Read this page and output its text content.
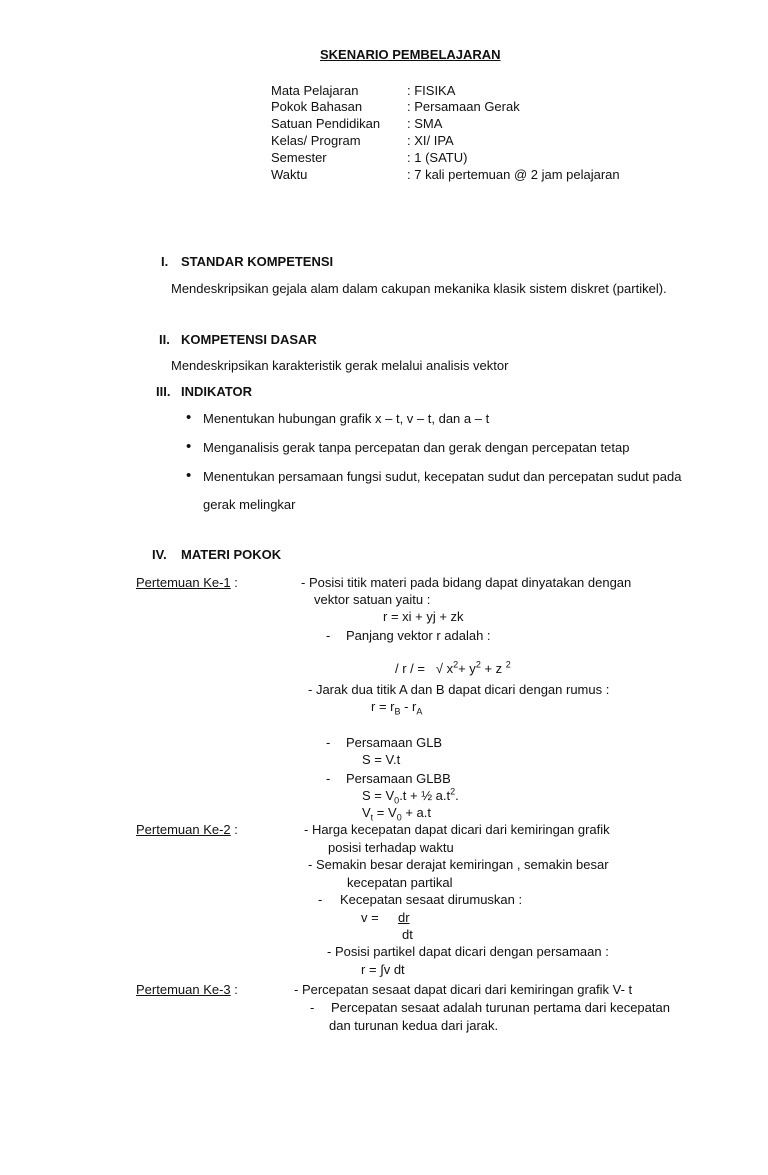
SKENARIO PEMBELAJARAN
Mata Pelajaran	: FISIKA
Pokok Bahasan	: Persamaan Gerak
Satuan Pendidikan : SMA
Kelas/ Program	: XI/ IPA
Semester	: 1 (SATU)
Waktu	: 7 kali pertemuan @ 2 jam pelajaran
I. STANDAR KOMPETENSI
Mendeskripsikan gejala alam dalam cakupan mekanika klasik sistem diskret (partikel).
II. KOMPETENSI DASAR
Mendeskripsikan karakteristik gerak melalui analisis vektor
III. INDIKATOR
• Menentukan hubungan grafik x – t, v – t, dan a – t
• Menganalisis gerak tanpa percepatan dan gerak dengan percepatan tetap
• Menentukan persamaan fungsi sudut, kecepatan sudut dan percepatan sudut pada
gerak melingkar
IV. MATERI POKOK
Pertemuan Ke-1 :	- Posisi titik materi pada bidang dapat dinyatakan dengan
vektor satuan yaitu :
r = xi + yj + zk
- Panjang vektor r adalah :
/ r / = √ $x^2+ y^2 + z$ $^2$
- Jarak dua titik A dan B dapat dicari dengan rumus :
$r = r_B - r_A$
- Persamaan GLB
S = V.t
- Persamaan GLBB
$S = V_0.t$ + ½ $a.t^2$.
$V_t = V_0 + a.t$
Pertemuan Ke-2 :	- Harga kecepatan dapat dicari dari kemiringan grafik
posisi terhadap waktu
- Semakin besar derajat kemiringan , semakin besar
kecepatan partikal
- Kecepatan sesaat dirumuskan :
v = dr
dt
- Posisi partikel dapat dicari dengan persamaan :
r = ∫v dt
Pertemuan Ke-3 :	- Percepatan sesaat dapat dicari dari kemiringan grafik V- t
- Percepatan sesaat adalah turunan pertama dari kecepatan
dan turunan kedua dari jarak.
